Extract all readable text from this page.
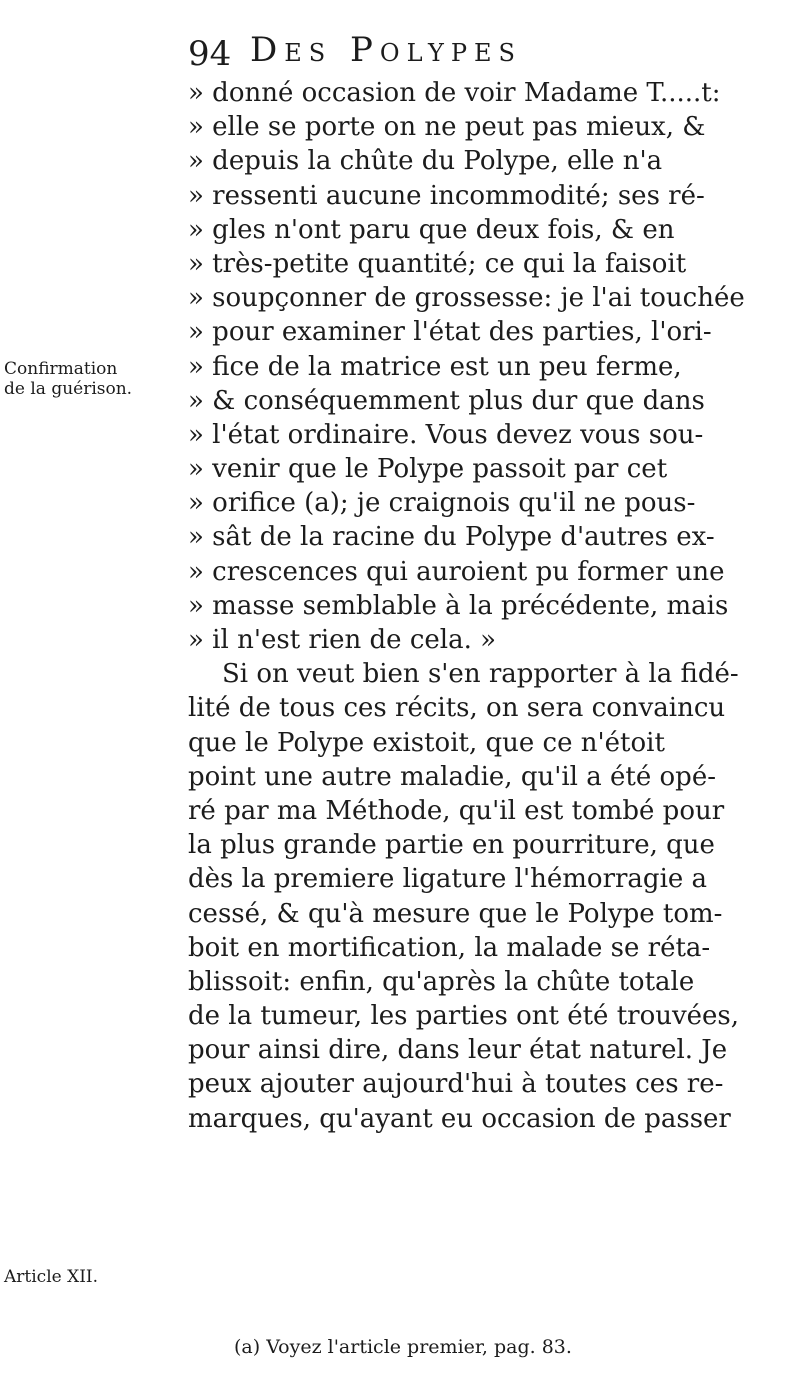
94 Des Polypes
Confirmation
de la guérison.
Article XII.
» donné occasion de voir Madame T.....t:
» elle se porte on ne peut pas mieux, &
» depuis la chûte du Polype, elle n'a
» ressenti aucune incommodité; ses ré-
» gles n'ont paru que deux fois, & en
» très-petite quantité; ce qui la faisoit
» soupçonner de grossesse: je l'ai touchée
» pour examiner l'état des parties, l'ori-
» fice de la matrice est un peu ferme,
» & conséquemment plus dur que dans
» l'état ordinaire. Vous devez vous sou-
» venir que le Polype passoit par cet
» orifice (a); je craignois qu'il ne pous-
» sât de la racine du Polype d'autres ex-
» crescences qui auroient pu former une
» masse semblable à la précédente, mais
» il n'est rien de cela. »
Si on veut bien s'en rapporter à la fidé-
lité de tous ces récits, on sera convaincu
que le Polype existoit, que ce n'étoit
point une autre maladie, qu'il a été opé-
ré par ma Méthode, qu'il est tombé pour
la plus grande partie en pourriture, que
dès la premiere ligature l'hémorragie a
cessé, & qu'à mesure que le Polype tom-
boit en mortification, la malade se réta-
blissoit: enfin, qu'après la chûte totale
de la tumeur, les parties ont été trouvées,
pour ainsi dire, dans leur état naturel. Je
peux ajouter aujourd'hui à toutes ces re-
marques, qu'ayant eu occasion de passer
(a) Voyez l'article premier, pag. 83.
